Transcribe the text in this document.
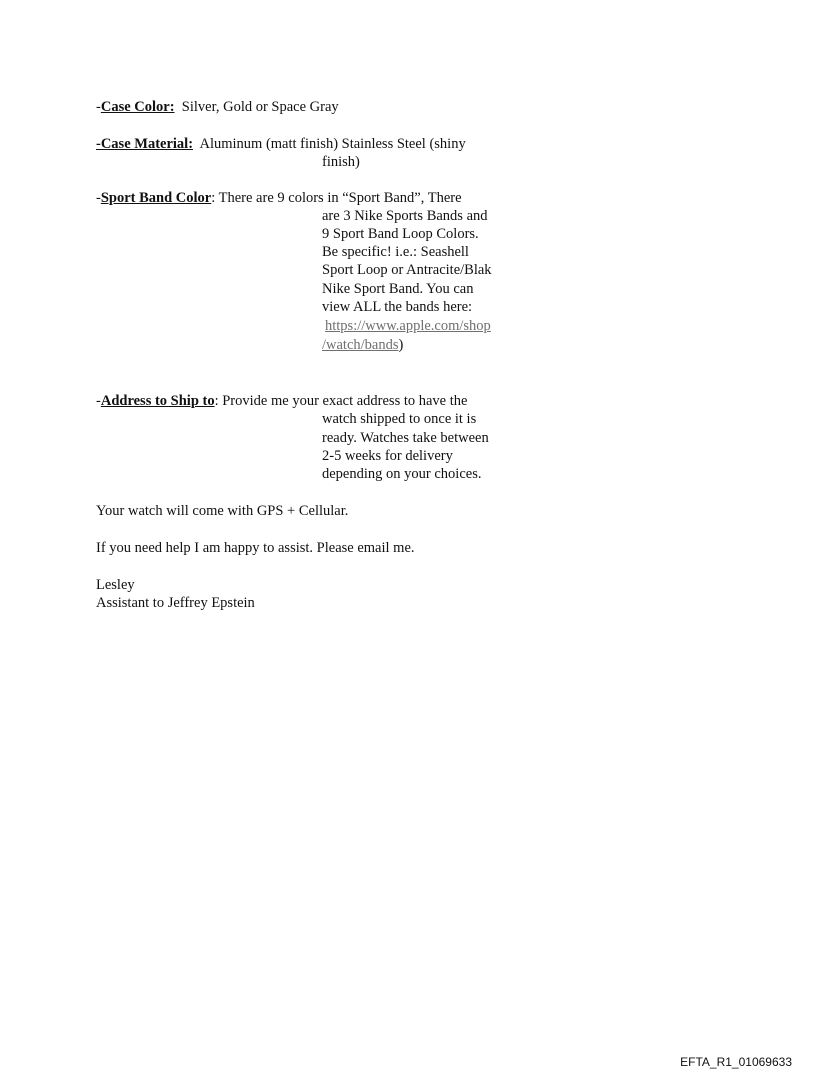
-Case Color: Silver, Gold or Space Gray
-Case Material: Aluminum (matt finish) Stainless Steel (shiny
finish)
-Sport Band Color: There are 9 colors in “Sport Band”, There
are 3 Nike Sports Bands and
9 Sport Band Loop Colors.
Be specific! i.e.: Seashell
Sport Loop or Antracite/Blak
Nike Sport Band. You can
view ALL the bands here:
https://www.apple.com/shop
/watch/bands)
-Address to Ship to: Provide me your exact address to have the
watch shipped to once it is
ready. Watches take between
2-5 weeks for delivery
depending on your choices.
Your watch will come with GPS + Cellular.
If you need help I am happy to assist. Please email me.
Lesley
Assistant to Jeffrey Epstein
EFTA_R1_01069633
